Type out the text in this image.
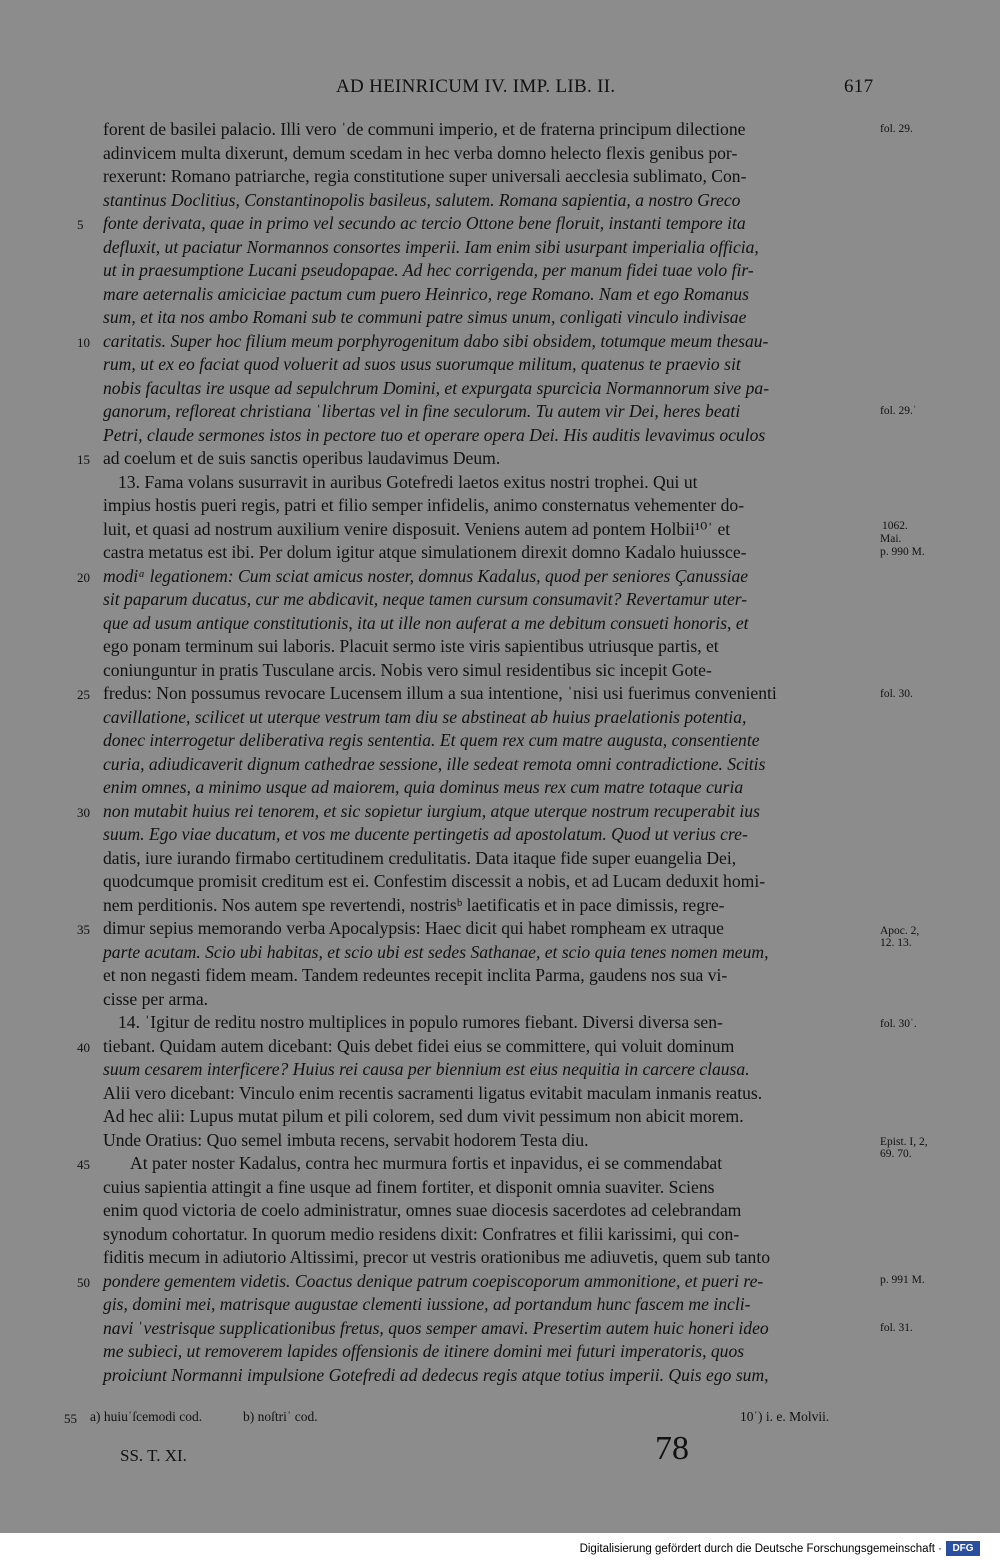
AD HEINRICUM IV. IMP. LIB. II.	617
forent de basilei palacio. Illi vero ˈde communi imperio, et de fraterna principum dilectione
adinvicem multa dixerunt, demum scedam in hec verba domno helecto flexis genibus por-
rexerunt: Romano patriarche, regia constitutione super universali aecclesia sublimato, Con-
stantinus Doclitius, Constantinopolis basileus, salutem. Romana sapientia, a nostro Greco
fonte derivata, quae in primo vel secundo ac tercio Ottone bene floruit, instanti tempore ita
defluxit, ut paciatur Normannos consortes imperii. Iam enim sibi usurpant imperialia officia,
ut in praesumptione Lucani pseudopapae. Ad hec corrigenda, per manum fidei tuae volo fir-
mare aeternalis amiciciae pactum cum puero Heinrico, rege Romano. Nam et ego Romanus
sum, et ita nos ambo Romani sub te communi patre simus unum, conligati vinculo indivisae
caritatis. Super hoc filium meum porphyrogenitum dabo sibi obsidem, totumque meum thesau-
rum, ut ex eo faciat quod voluerit ad suos usus suorumque militum, quatenus te praevio sit
nobis facultas ire usque ad sepulchrum Domini, et expurgata spurcicia Normannorum sive pa-
ganorum, refloreat christiana ˈlibertas vel in fine seculorum. Tu autem vir Dei, heres beati
Petri, claude sermones istos in pectore tuo et operare opera Dei. His auditis levavimus oculos
ad coelum et de suis sanctis operibus laudavimus Deum.
13. Fama volans susurravit in auribus Gotefredi laetos exitus nostri trophei. Qui ut
impius hostis pueri regis, patri et filio semper infidelis, animo consternatus vehementer do-
luit, et quasi ad nostrum auxilium venire disposuit. Veniens autem ad pontem Holbii¹⁰ˈ et
castra metatus est ibi. Per dolum igitur atque simulationem direxit domno Kadalo huiussce-
modiᵃ legationem: Cum sciat amicus noster, domnus Kadalus, quod per seniores Çanussiae
sit paparum ducatus, cur me abdicavit, neque tamen cursum consumavit? Revertamur uter-
que ad usum antique constitutionis, ita ut ille non auferat a me debitum consueti honoris, et
ego ponam terminum sui laboris. Placuit sermo iste viris sapientibus utriusque partis, et
coniunguntur in pratis Tusculane arcis. Nobis vero simul residentibus sic incepit Gote-
fredus: Non possumus revocare Lucensem illum a sua intentione, ˈnisi usi fuerimus convenienti
cavillatione, scilicet ut uterque vestrum tam diu se abstineat ab huius praelationis potentia,
donec interrogetur deliberativa regis sententia. Et quem rex cum matre augusta, consentiente
curia, adiudicaverit dignum cathedrae sessione, ille sedeat remota omni contradictione. Scitis
enim omnes, a minimo usque ad maiorem, quia dominus meus rex cum matre totaque curia
non mutabit huius rei tenorem, et sic sopietur iurgium, atque uterque nostrum recuperabit ius
suum. Ego viae ducatum, et vos me ducente pertingetis ad apostolatum. Quod ut verius cre-
datis, iure iurando firmabo certitudinem credulitatis. Data itaque fide super euangelia Dei,
quodcumque promisit creditum est ei. Confestim discessit a nobis, et ad Lucam deduxit homi-
nem perditionis. Nos autem spe revertendi, nostrisᵇ laetificatis et in pace dimissis, regre-
dimur sepius memorando verba Apocalypsis: Haec dicit qui habet rompheam ex utraque
parte acutam. Scio ubi habitas, et scio ubi est sedes Sathanae, et scio quia tenes nomen meum,
et non negasti fidem meam. Tandem redeuntes recepit inclita Parma, gaudens nos sua vi-
cisse per arma.
14. ˈIgitur de reditu nostro multiplices in populo rumores fiebant. Diversi diversa sen-
tiebant. Quidam autem dicebant: Quis debet fidei eius se committere, qui voluit dominum
suum cesarem interficere? Huius rei causa per biennium est eius nequitia in carcere clausa.
Alii vero dicebant: Vinculo enim recentis sacramenti ligatus evitabit maculam inmanis reatus.
Ad hec alii: Lupus mutat pilum et pili colorem, sed dum vivit pessimum non abicit morem.
Unde Oratius: Quo semel imbuta recens, servabit hodorem Testa diu.
At pater noster Kadalus, contra hec murmura fortis et inpavidus, ei se commendabat
cuius sapientia attingit a fine usque ad finem fortiter, et disponit omnia suaviter. Sciens
enim quod victoria de coelo administratur, omnes suae diocesis sacerdotes ad celebrandam
synodum cohortatur. In quorum medio residens dixit: Confratres et filii karissimi, qui con-
fiditis mecum in adiutorio Altissimi, precor ut vestris orationibus me adiuvetis, quem sub tanto
pondere gementem videtis. Coactus denique patrum coepiscoporum ammonitione, et pueri re-
gis, domini mei, matrisque augustae clementi iussione, ad portandum hunc fascem me incli-
navi ˈvestrisque supplicationibus fretus, quos semper amavi. Presertim autem huic honeri ideo
me subieci, ut removerem lapides offensionis de itinere domini mei futuri imperatoris, quos
proiciunt Normanni impulsione Gotefredi ad dedecus regis atque totius imperii. Quis ego sum,
5
10
15
20
25
30
35
40
45
50
55
fol. 29.
fol. 29.ˈ
1062.
Mai.
p. 990 M.
fol. 30.
Apoc. 2,
12. 13.
fol. 30ˈ.
Epist. I, 2,
69. 70.
p. 991 M.
fol. 31.
a) huiuˈſcemodi cod.	b) noſtriˈ cod.	10ˈ) i. e. Molvii.
SS. T. XI.	78
Digitalisierung gefördert durch die Deutsche Forschungsgemeinschaft ·	DFG
